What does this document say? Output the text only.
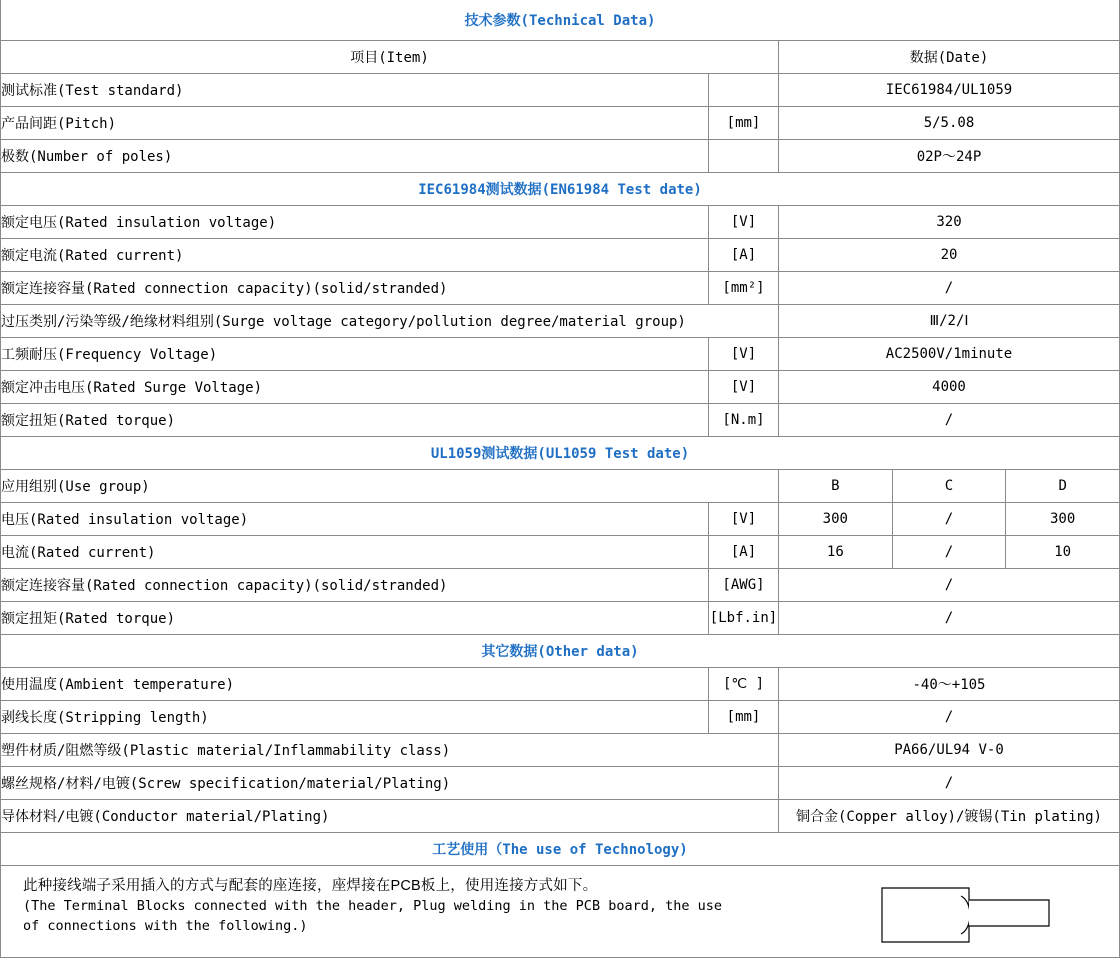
技术参数(Technical Data)				
项目(Item)		数据(Date)		
测试标准(Test standard)		IEC61984/UL1059		
产品间距(Pitch)	[mm]	5/5.08		
极数(Number of poles)		02P～24P		
IEC61984测试数据(EN61984 Test date)				
额定电压(Rated insulation voltage)	[V]	320		
额定电流(Rated current)	[A]	20		
额定连接容量(Rated connection capacity)(solid/stranded)	[mm²]	/		
过压类别/污染等级/绝缘材料组别(Surge voltage category/pollution degree/material group)		Ⅲ/2/Ⅰ		
工频耐压(Frequency Voltage)	[V]	AC2500V/1minute		
额定冲击电压(Rated Surge Voltage)	[V]	4000		
额定扭矩(Rated torque)	[N.m]	/		
UL1059测试数据(UL1059 Test date)				
应用组别(Use group)		B	C	D
电压(Rated insulation voltage)	[V]	300	/	300
电流(Rated current)	[A]	16	/	10
额定连接容量(Rated connection capacity)(solid/stranded)	[AWG]	/		
额定扭矩(Rated torque)	[Lbf.in]	/		
其它数据(Other data)				
使用温度(Ambient temperature)	[℃ ]	-40～+105		
剥线长度(Stripping length)	[mm]	/		
塑件材质/阻燃等级(Plastic material/Inflammability class)		PA66/UL94 V-0		
螺丝规格/材料/电镀(Screw specification/material/Plating)		/		
导体材料/电镀(Conductor material/Plating)		铜合金(Copper alloy)/镀锡(Tin plating)		
工艺使用（The use of Technology)				
此种接线端子采用插入的方式与配套的座连接，座焊接在PCB板上，使用连接方式如下。
(The Terminal Blocks connected with the header, Plug welding in the PCB board, the use
of connections with the following.)
